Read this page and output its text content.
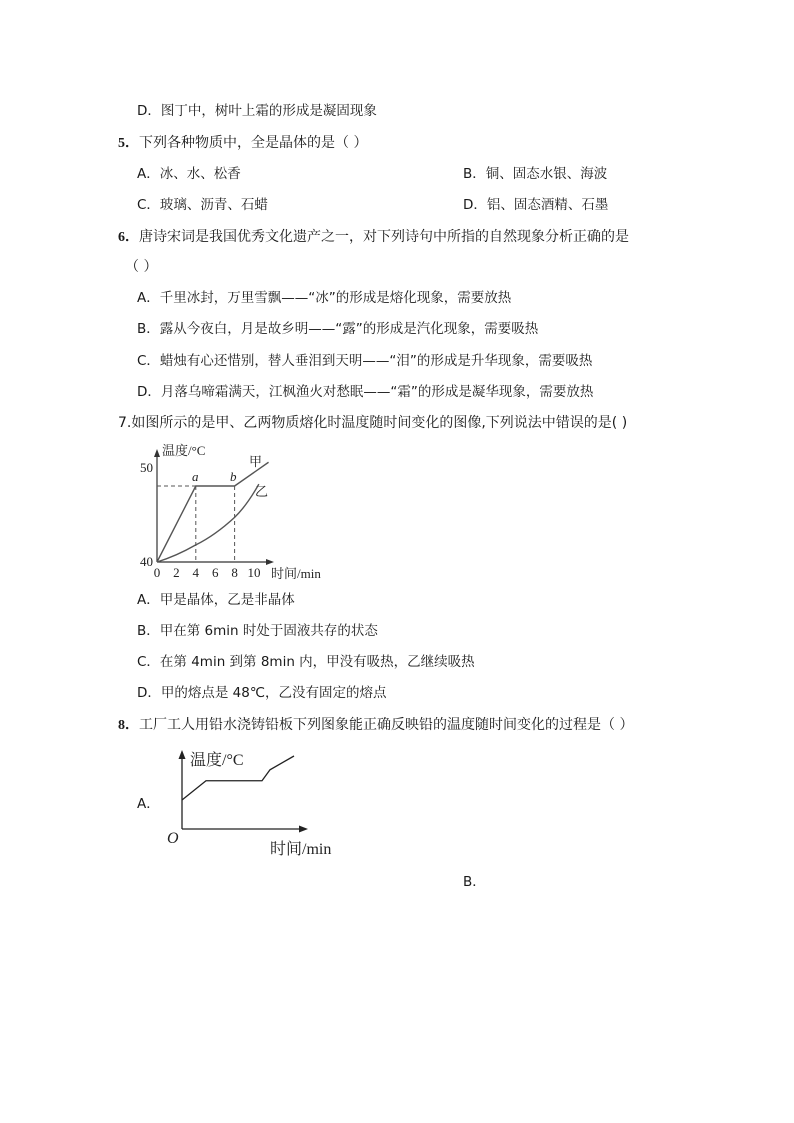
D．图丁中，树叶上霜的形成是凝固现象
5．下列各种物质中，全是晶体的是（ ）
A．冰、水、松香	B．铜、固态水银、海波
C．玻璃、沥青、石蜡	D．铝、固态酒精、石墨
6．唐诗宋词是我国优秀文化遗产之一，对下列诗句中所指的自然现象分析正确的是
（ ）
A．千里冰封，万里雪飘——“冰”的形成是熔化现象，需要放热
B．露从今夜白，月是故乡明——“露”的形成是汽化现象，需要吸热
C．蜡烛有心还惜别，替人垂泪到天明——“泪”的形成是升华现象，需要吸热
D．月落乌啼霜满天，江枫渔火对愁眠——“霜”的形成是凝华现象，需要放热
7.如图所示的是甲、乙两物质熔化时温度随时间变化的图像,下列说法中错误的是( )
0 2 4 6 8 10
温度/°C
时间/min
50
40
a b
甲
乙
A．甲是晶体，乙是非晶体
B．甲在第 6min 时处于固液共存的状态
C．在第 4min 到第 8min 内，甲没有吸热，乙继续吸热
D．甲的熔点是 48℃，乙没有固定的熔点
8．工厂工人用铅水浇铸铅板下列图象能正确反映铅的温度随时间变化的过程是（ ）
A．
温度/°C
时间/min
O
B．
